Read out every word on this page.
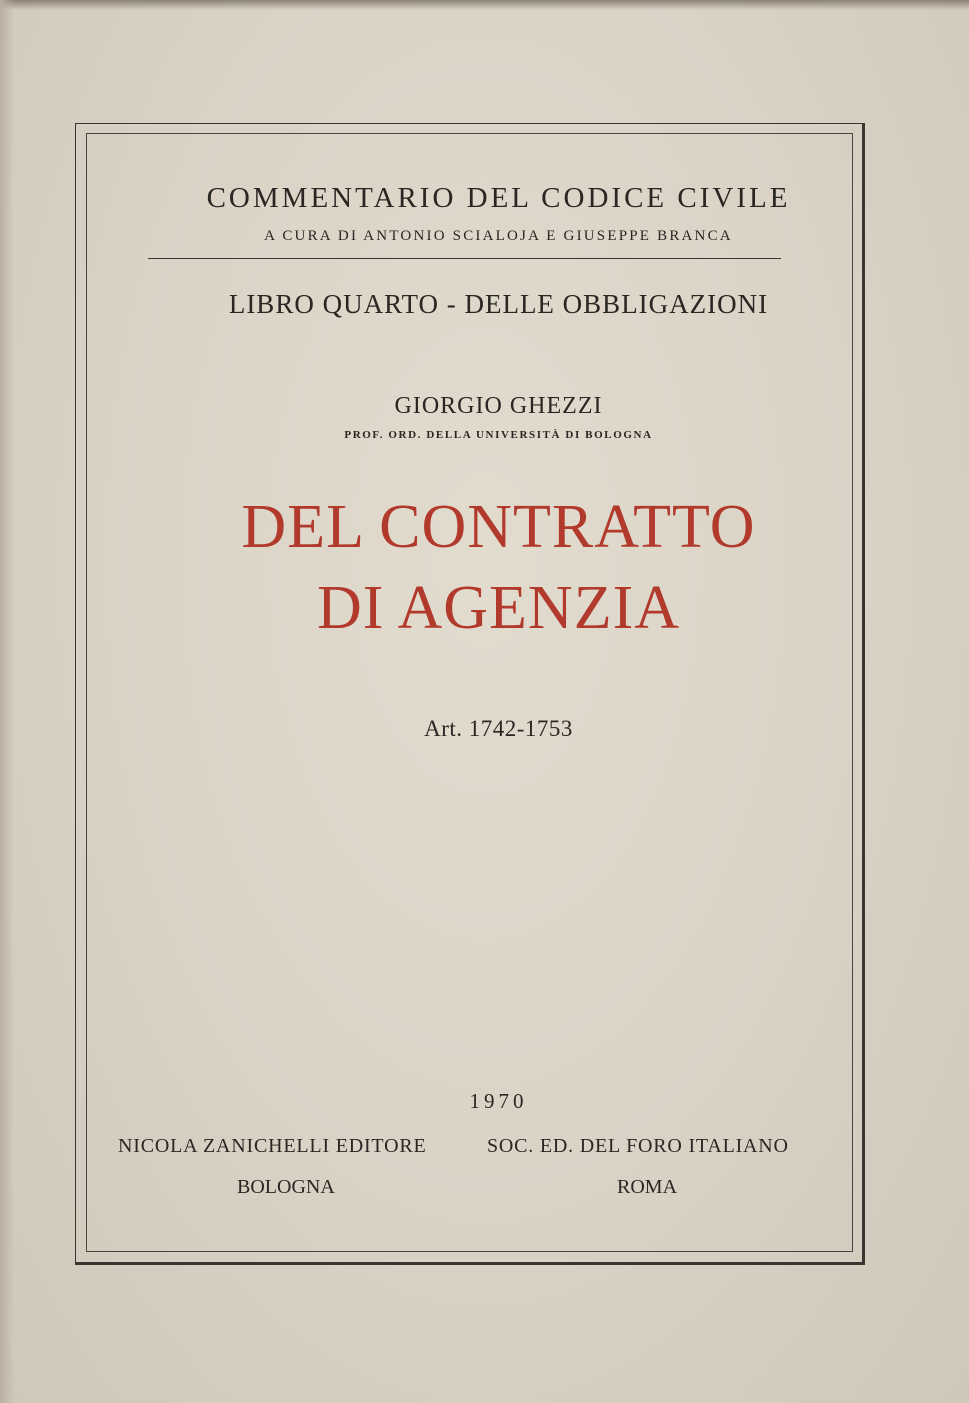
COMMENTARIO DEL CODICE CIVILE
A CURA DI ANTONIO SCIALOJA E GIUSEPPE BRANCA
LIBRO QUARTO - DELLE OBBLIGAZIONI
GIORGIO GHEZZI
PROF. ORD. DELLA UNIVERSITÀ DI BOLOGNA
DEL CONTRATTO
DI AGENZIA
Art. 1742-1753
1970
NICOLA ZANICHELLI EDITORE	SOC. ED. DEL FORO ITALIANO
BOLOGNA	ROMA
